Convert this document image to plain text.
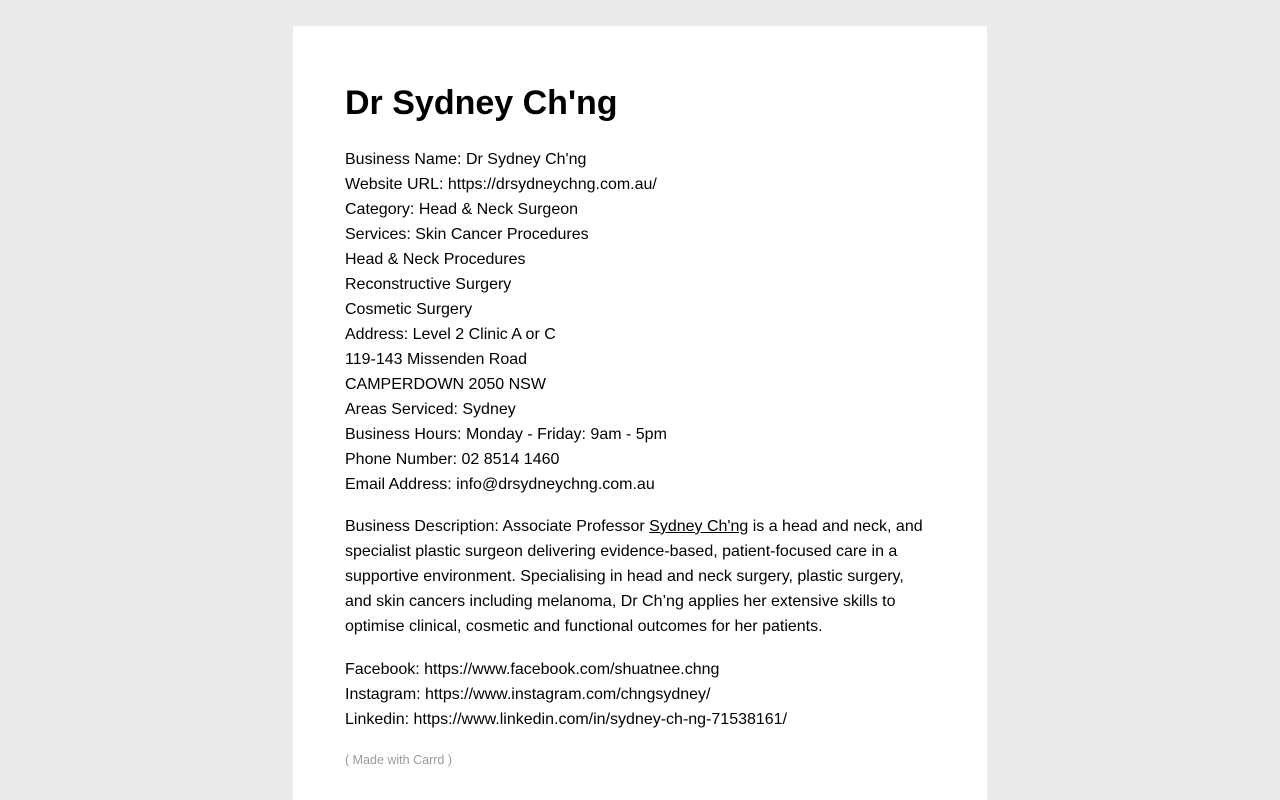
Dr Sydney Ch'ng
Business Name: Dr Sydney Ch'ng
Website URL: https://drsydneychng.com.au/
Category: Head & Neck Surgeon
Services: Skin Cancer Procedures
Head & Neck Procedures
Reconstructive Surgery
Cosmetic Surgery
Address: Level 2 Clinic A or C
119-143 Missenden Road
CAMPERDOWN 2050 NSW
Areas Serviced: Sydney
Business Hours: Monday - Friday: 9am - 5pm
Phone Number: 02 8514 1460
Email Address: info@drsydneychng.com.au

Business Description: Associate Professor Sydney Ch'ng is a head and neck, and specialist plastic surgeon delivering evidence-based, patient-focused care in a supportive environment. Specialising in head and neck surgery, plastic surgery, and skin cancers including melanoma, Dr Ch’ng applies her extensive skills to optimise clinical, cosmetic and functional outcomes for her patients.

Facebook: https://www.facebook.com/shuatnee.chng
Instagram: https://www.instagram.com/chngsydney/
Linkedin: https://www.linkedin.com/in/sydney-ch-ng-71538161/
( Made with Carrd )
